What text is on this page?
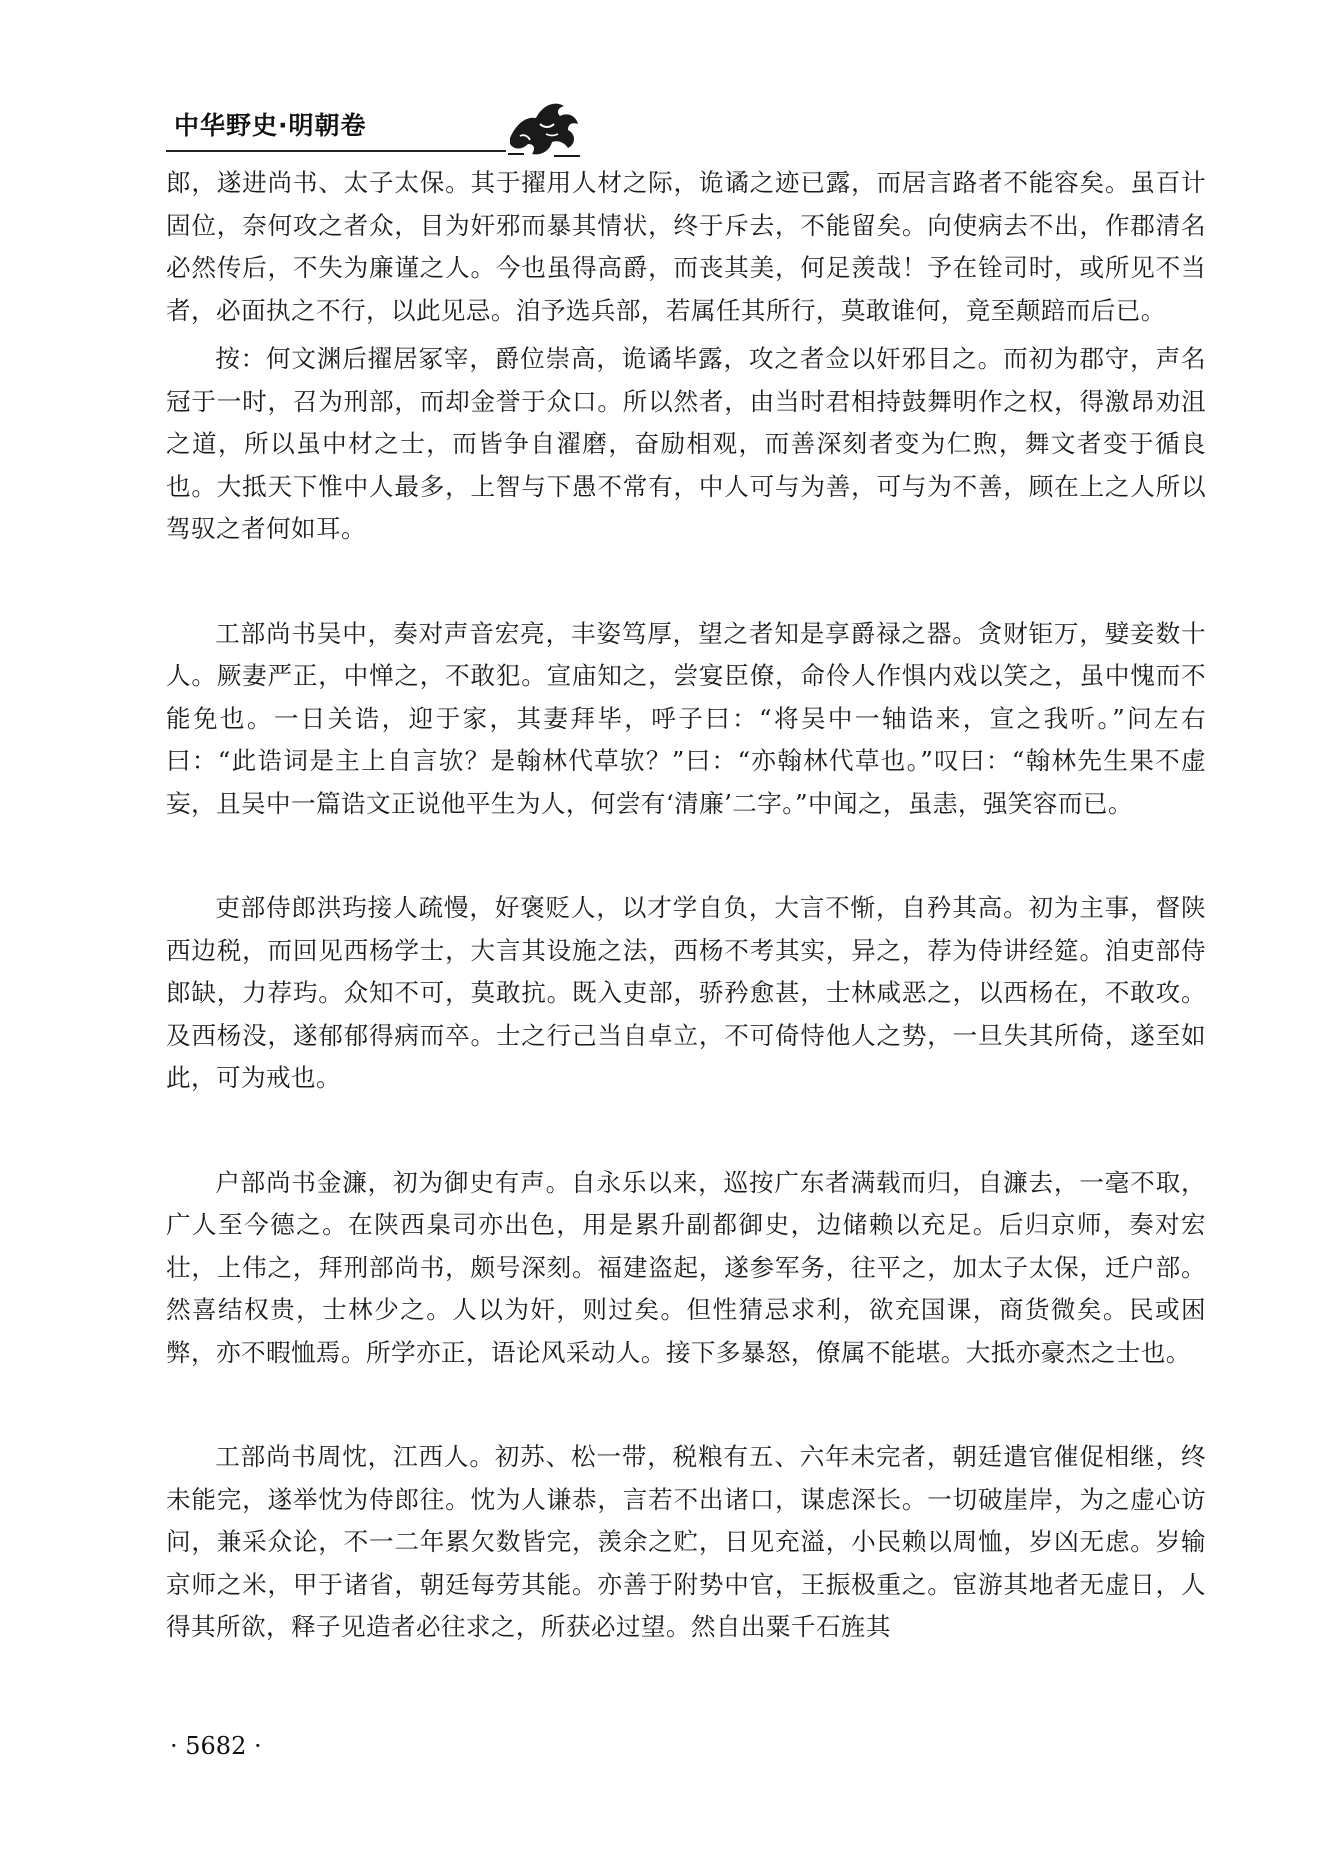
中华野史·明朝卷

郎，遂进尚书、太子太保。其于擢用人材之际，诡谲之迹已露，而居言路者不能容矣。虽百计固位，奈何攻之者众，目为奸邪而暴其情状，终于斥去，不能留矣。向使病去不出，作郡清名必然传后，不失为廉谨之人。今也虽得高爵，而丧其美，何足羡哉！予在铨司时，或所见不当者，必面执之不行，以此见忌。洎予选兵部，若属任其所行，莫敢谁何，竟至颠踣而后已。

按：何文渊后擢居冢宰，爵位崇高，诡谲毕露，攻之者佥以奸邪目之。而初为郡守，声名冠于一时，召为刑部，而却金誉于众口。所以然者，由当时君相持鼓舞明作之权，得激昂劝沮之道，所以虽中材之士，而皆争自濯磨，奋励相观，而善深刻者变为仁煦，舞文者变于循良也。大抵天下惟中人最多，上智与下愚不常有，中人可与为善，可与为不善，顾在上之人所以驾驭之者何如耳。

工部尚书吴中，奏对声音宏亮，丰姿笃厚，望之者知是享爵禄之器。贪财钜万，嬖妾数十人。厥妻严正，中惮之，不敢犯。宣庙知之，尝宴臣僚，命伶人作惧内戏以笑之，虽中愧而不能免也。一日关诰，迎于家，其妻拜毕，呼子曰：“将吴中一轴诰来，宣之我听。”问左右曰：“此诰词是主上自言欤？是翰林代草欤？”曰：“亦翰林代草也。”叹曰：“翰林先生果不虚妄，且吴中一篇诰文正说他平生为人，何尝有‘清廉’二字。”中闻之，虽恚，强笑容而已。

吏部侍郎洪玙接人疏慢，好褒贬人，以才学自负，大言不惭，自矜其高。初为主事，督陕西边税，而回见西杨学士，大言其设施之法，西杨不考其实，异之，荐为侍讲经筵。洎吏部侍郎缺，力荐玙。众知不可，莫敢抗。既入吏部，骄矜愈甚，士林咸恶之，以西杨在，不敢攻。及西杨没，遂郁郁得病而卒。士之行己当自卓立，不可倚恃他人之势，一旦失其所倚，遂至如此，可为戒也。

户部尚书金濂，初为御史有声。自永乐以来，巡按广东者满载而归，自濂去，一毫不取，广人至今德之。在陕西臬司亦出色，用是累升副都御史，边储赖以充足。后归京师，奏对宏壮，上伟之，拜刑部尚书，颇号深刻。福建盗起，遂参军务，往平之，加太子太保，迁户部。然喜结权贵，士林少之。人以为奸，则过矣。但性猜忌求利，欲充国课，商货微矣。民或困弊，亦不暇恤焉。所学亦正，语论风采动人。接下多暴怒，僚属不能堪。大抵亦豪杰之士也。

工部尚书周忱，江西人。初苏、松一带，税粮有五、六年未完者，朝廷遣官催促相继，终未能完，遂举忱为侍郎往。忱为人谦恭，言若不出诸口，谋虑深长。一切破崖岸，为之虚心访问，兼采众论，不一二年累欠数皆完，羡余之贮，日见充溢，小民赖以周恤，岁凶无虑。岁输京师之米，甲于诸省，朝廷每劳其能。亦善于附势中官，王振极重之。宦游其地者无虚日，人得其所欲，释子见造者必往求之，所获必过望。然自出粟千石旌其

· 5682 ·
